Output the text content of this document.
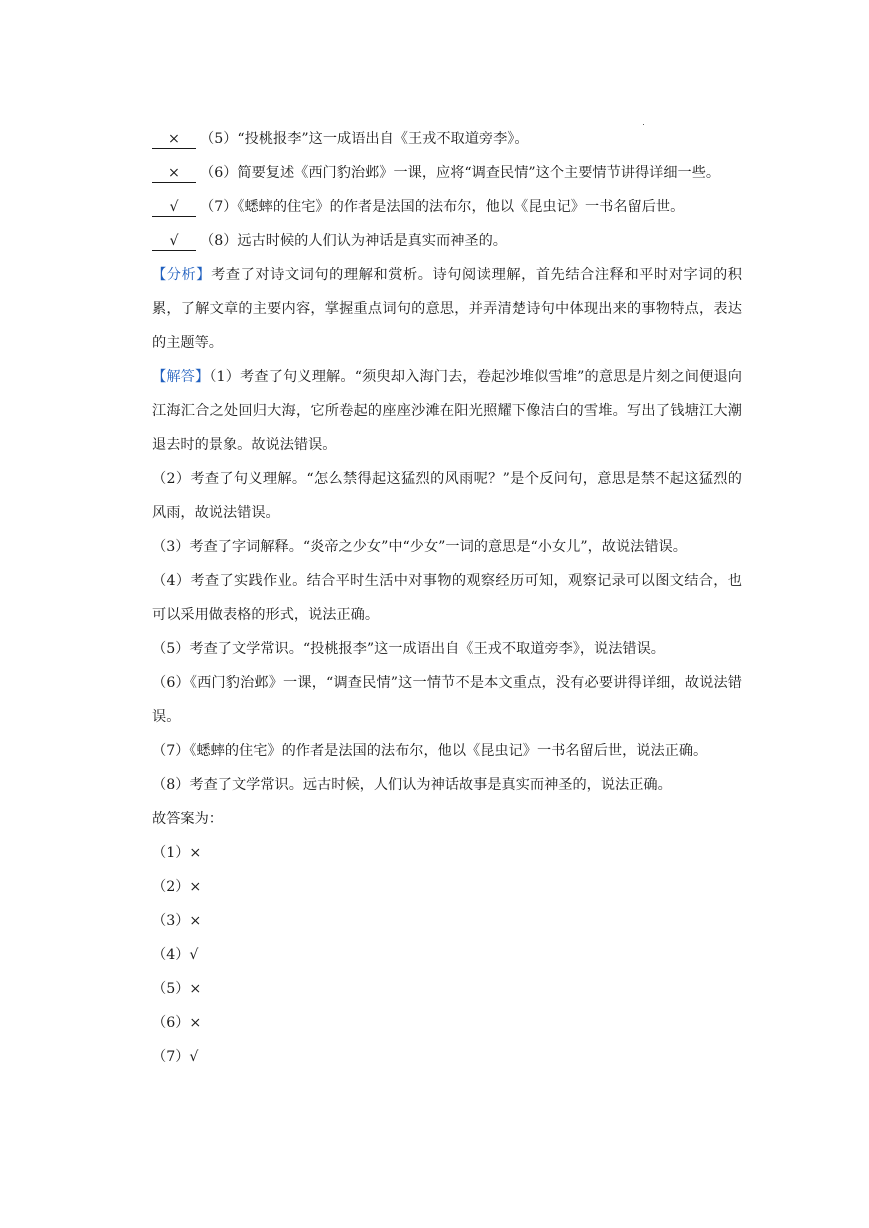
× （5）“投桃报李”这一成语出自《王戎不取道旁李》。
× （6）简要复述《西门豹治邺》一课，应将“调查民情”这个主要情节讲得详细一些。
√ （7）《蟋蟀的住宅》的作者是法国的法布尔，他以《昆虫记》一书名留后世。
√ （8）远古时候的人们认为神话是真实而神圣的。
【分析】考查了对诗文词句的理解和赏析。诗句阅读理解，首先结合注释和平时对字词的积累，了解文章的主要内容，掌握重点词句的意思，并弄清楚诗句中体现出来的事物特点，表达的主题等。
【解答】（1）考查了句义理解。“须臾却入海门去，卷起沙堆似雪堆”的意思是片刻之间便退向江海汇合之处回归大海，它所卷起的座座沙滩在阳光照耀下像洁白的雪堆。写出了钱塘江大潮退去时的景象。故说法错误。
（2）考查了句义理解。“怎么禁得起这猛烈的风雨呢？”是个反问句，意思是禁不起这猛烈的风雨，故说法错误。
（3）考查了字词解释。“炎帝之少女”中“少女”一词的意思是“小女儿”，故说法错误。
（4）考查了实践作业。结合平时生活中对事物的观察经历可知，观察记录可以图文结合，也可以采用做表格的形式，说法正确。
（5）考查了文学常识。“投桃报李”这一成语出自《王戎不取道旁李》，说法错误。
（6）《西门豹治邺》一课，“调查民情”这一情节不是本文重点，没有必要讲得详细，故说法错误。
（7）《蟋蟀的住宅》的作者是法国的法布尔，他以《昆虫记》一书名留后世，说法正确。
（8）考查了文学常识。远古时候，人们认为神话故事是真实而神圣的，说法正确。
故答案为：
（1）×
（2）×
（3）×
（4）√
（5）×
（6）×
（7）√
